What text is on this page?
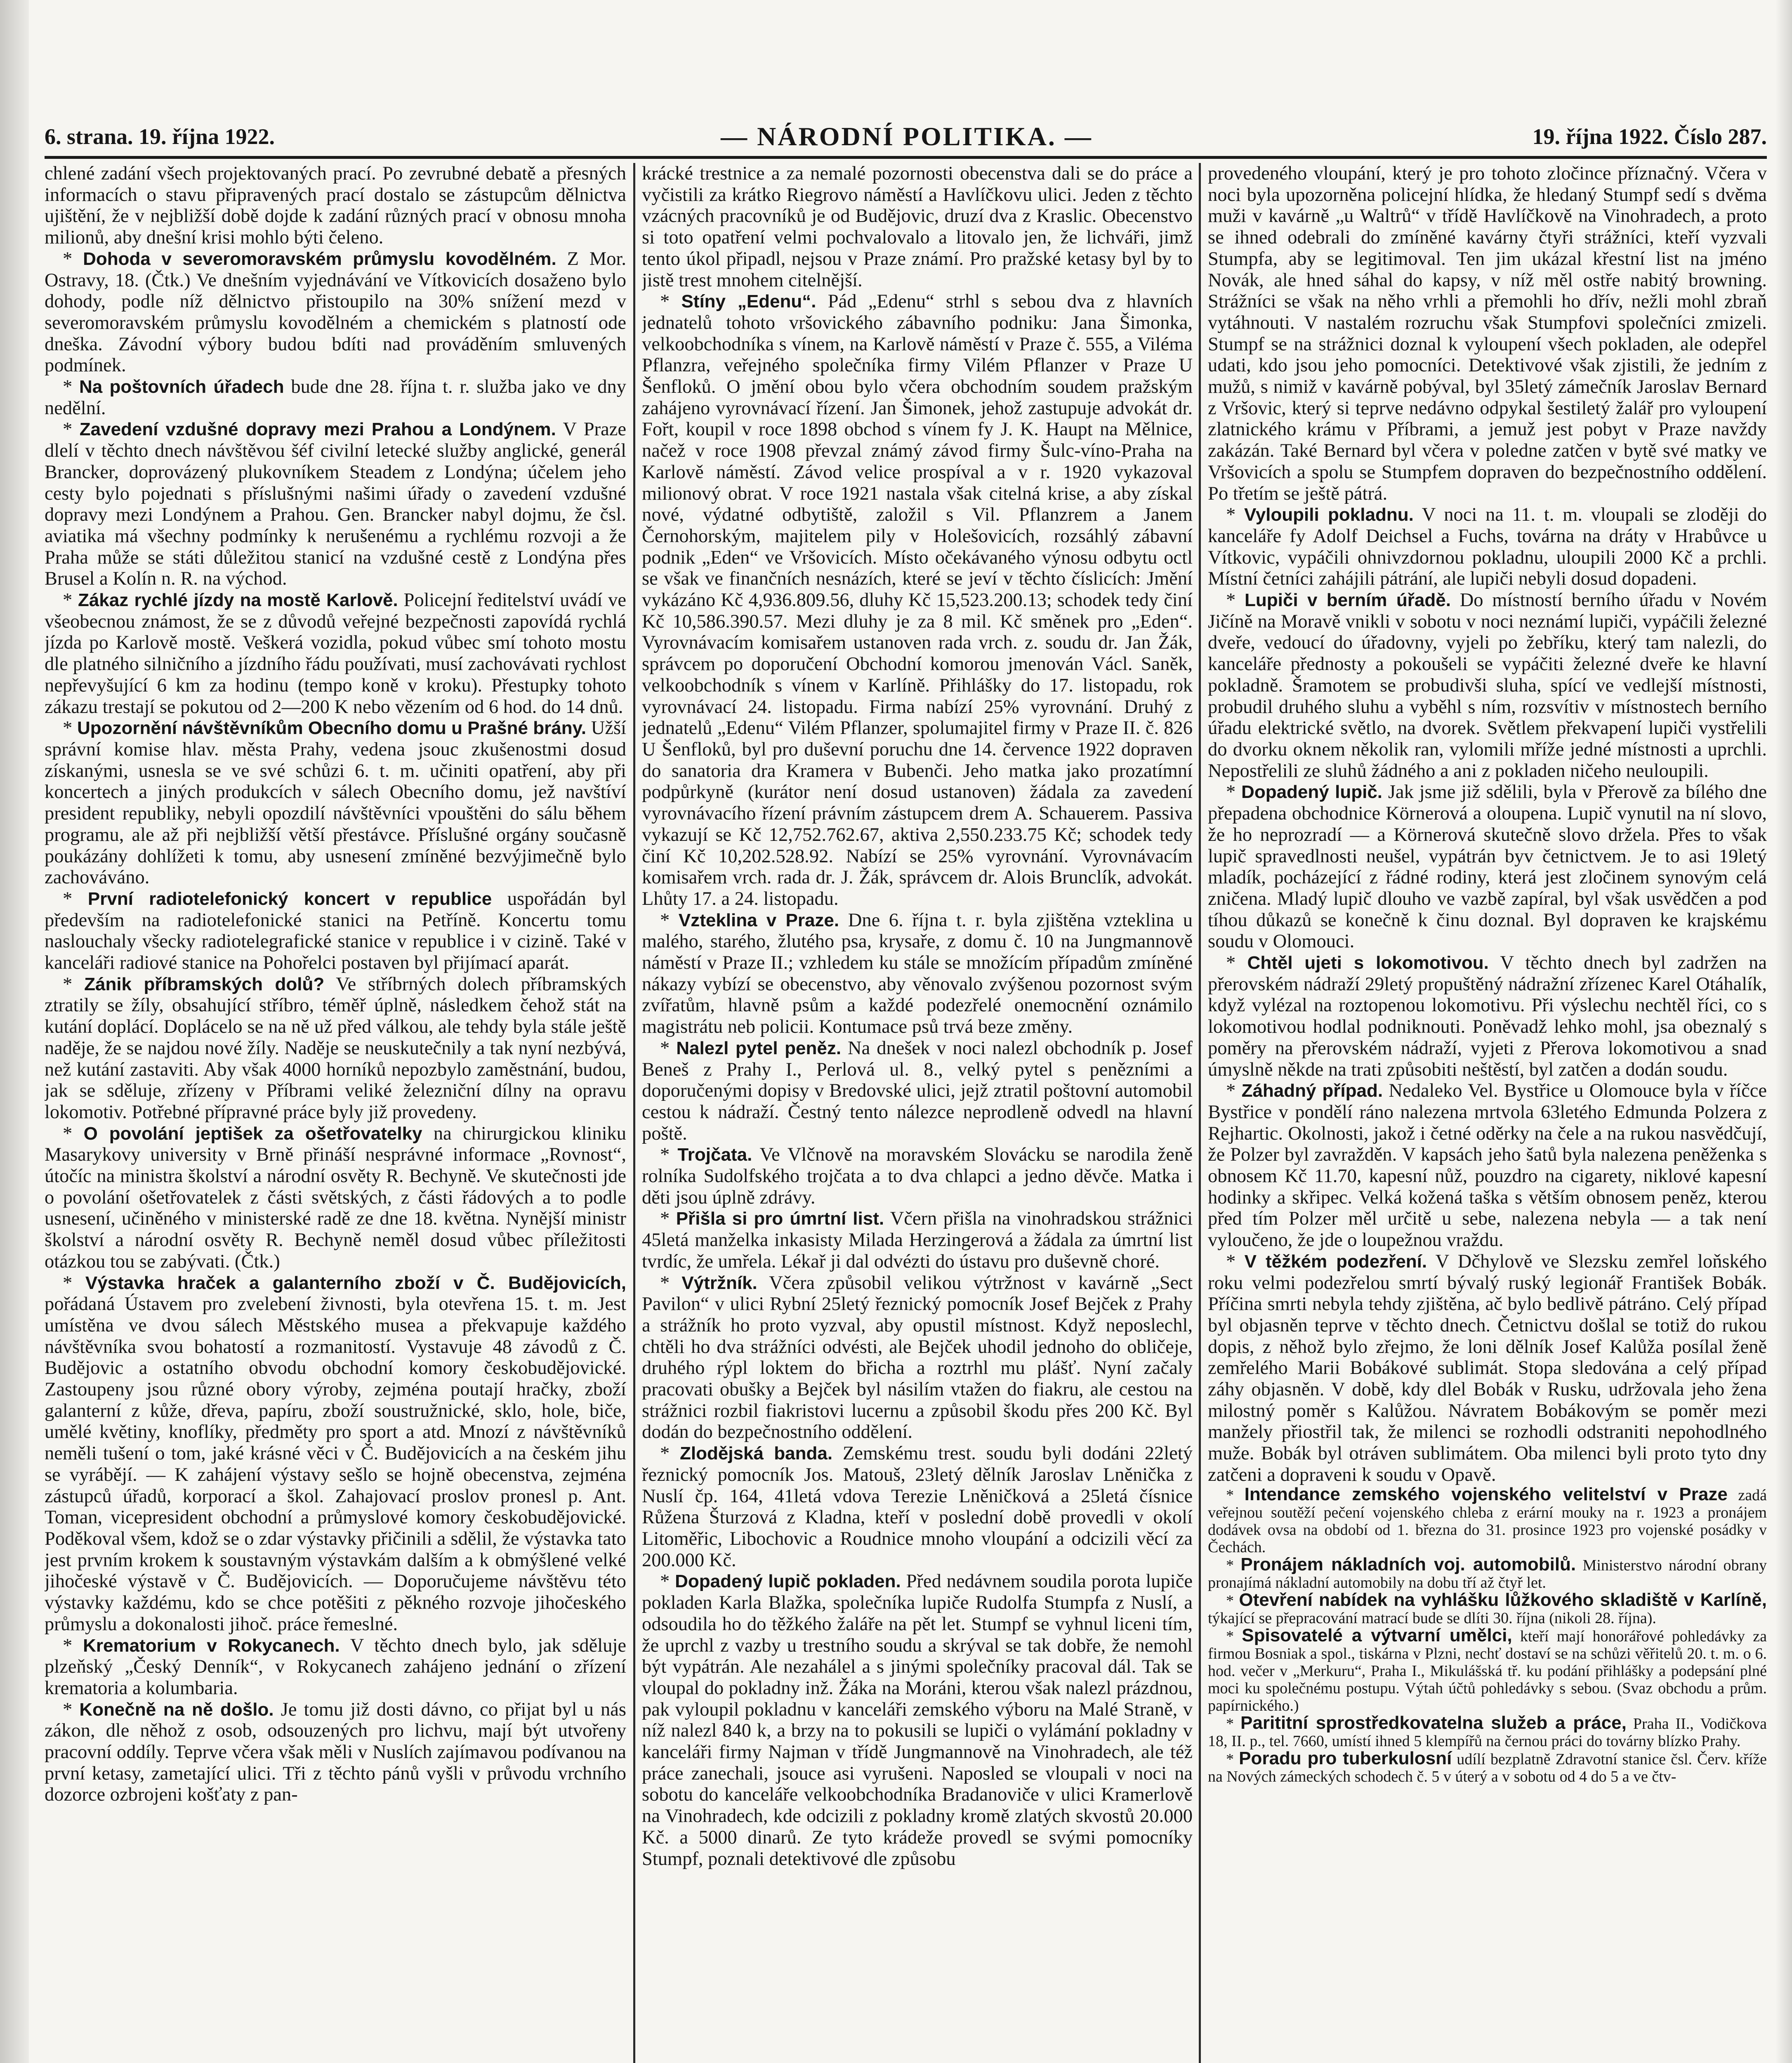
6. strana. 19. října 1922.	— NÁRODNÍ POLITIKA. —	19. října 1922. Číslo 287.

chlené zadání všech projektovaných prací. Po zevrubné debatě a přesných informacích o stavu připravených prací dostalo se zástupcům dělnictva ujištění, že v nejbližší době dojde k zadání různých prací v obnosu mnoha milionů, aby dnešní krisi mohlo býti čeleno.

* Dohoda v severomoravském průmyslu kovodělném. Z Mor. Ostravy, 18. (Čtk.) Ve dnešním vyjednávání ve Vítkovicích dosaženo bylo dohody, podle níž dělnictvo přistoupilo na 30% snížení mezd v severomoravském průmyslu kovodělném a chemickém s platností ode dneška. Závodní výbory budou bdíti nad prováděním smluvených podmínek.

* Na poštovních úřadech bude dne 28. října t. r. služba jako ve dny nedělní.

* Zavedení vzdušné dopravy mezi Prahou a Londýnem. V Praze dlelí v těchto dnech návštěvou šéf civilní letecké služby anglické, generál Brancker, doprovázený plukovníkem Steadem z Londýna; účelem jeho cesty bylo pojednati s příslušnými našimi úřady o zavedení vzdušné dopravy mezi Londýnem a Prahou. Gen. Brancker nabyl dojmu, že čsl. aviatika má všechny podmínky k nerušenému a rychlému rozvoji a že Praha může se státi důležitou stanicí na vzdušné cestě z Londýna přes Brusel a Kolín n. R. na východ.

* Zákaz rychlé jízdy na mostě Karlově. Policejní ředitelství uvádí ve všeobecnou známost, že se z důvodů veřejné bezpečnosti zapovídá rychlá jízda po Karlově mostě. Veškerá vozidla, pokud vůbec smí tohoto mostu dle platného silničního a jízdního řádu používati, musí zachovávati rychlost nepřevyšující 6 km za hodinu (tempo koně v kroku). Přestupky tohoto zákazu trestají se pokutou od 2—200 K nebo vězením od 6 hod. do 14 dnů.

* Upozornění návštěvníkům Obecního domu u Prašné brány. Užší správní komise hlav. města Prahy, vedena jsouc zkušenostmi dosud získanými, usnesla se ve své schůzi 6. t. m. učiniti opatření, aby při koncertech a jiných produkcích v sálech Obecního domu, jež navštíví president republiky, nebyli opozdilí návštěvníci vpouštěni do sálu během programu, ale až při nejbližší větší přestávce. Příslušné orgány současně poukázány dohlížeti k tomu, aby usnesení zmíněné bezvýjimečně bylo zachováváno.

* První radiotelefonický koncert v republice uspořádán byl především na radiotelefonické stanici na Petříně. Koncertu tomu naslouchaly všecky radiotelegrafické stanice v republice i v cizině. Také v kanceláři radiové stanice na Pohořelci postaven byl přijímací aparát.

* Zánik příbramských dolů? Ve stříbrných dolech příbramských ztratily se žíly, obsahující stříbro, téměř úplně, následkem čehož stát na kutání doplácí. Doplácelo se na ně už před válkou, ale tehdy byla stále ještě naděje, že se najdou nové žíly. Naděje se neuskutečnily a tak nyní nezbývá, než kutání zastaviti. Aby však 4000 horníků nepozbylo zaměstnání, budou, jak se sděluje, zřízeny v Příbrami veliké železniční dílny na opravu lokomotiv. Potřebné přípravné práce byly již provedeny.

* O povolání jeptišek za ošetřovatelky na chirurgickou kliniku Masarykovy university v Brně přináší nesprávné informace „Rovnost“, útočíc na ministra školství a národní osvěty R. Bechyně. Ve skutečnosti jde o povolání ošetřovatelek z části světských, z části řádových a to podle usnesení, učiněného v ministerské radě ze dne 18. května. Nynější ministr školství a národní osvěty R. Bechyně neměl dosud vůbec příležitosti otázkou tou se zabývati. (Čtk.)

* Výstavka hraček a galanterního zboží v Č. Budějovicích, pořádaná Ústavem pro zvelebení živnosti, byla otevřena 15. t. m. Jest umístěna ve dvou sálech Městského musea a překvapuje každého návštěvníka svou bohatostí a rozmanitostí. Vystavuje 48 závodů z Č. Budějovic a ostatního obvodu obchodní komory českobudějovické. Zastoupeny jsou různé obory výroby, zejména poutají hračky, zboží galanterní z kůže, dřeva, papíru, zboží soustružnické, sklo, hole, biče, umělé květiny, knoflíky, předměty pro sport a atd. Mnozí z návštěvníků neměli tušení o tom, jaké krásné věci v Č. Budějovicích a na českém jihu se vyrábějí. — K zahájení výstavy sešlo se hojně obecenstva, zejména zástupců úřadů, korporací a škol. Zahajovací proslov pronesl p. Ant. Toman, vicepresident obchodní a průmyslové komory českobudějovické. Poděkoval všem, kdož se o zdar výstavky přičinili a sdělil, že výstavka tato jest prvním krokem k soustavným výstavkám dalším a k obmýšlené velké jihočeské výstavě v Č. Budějovicích. — Doporučujeme návštěvu této výstavky každému, kdo se chce potěšiti z pěkného rozvoje jihočeského průmyslu a dokonalosti jihoč. práce řemeslné.

* Krematorium v Rokycanech. V těchto dnech bylo, jak sděluje plzeňský „Český Denník“, v Rokycanech zahájeno jednání o zřízení krematoria a kolumbaria.

* Konečně na ně došlo. Je tomu již dosti dávno, co přijat byl u nás zákon, dle něhož z osob, odsouzených pro lichvu, mají být utvořeny pracovní oddíly. Teprve včera však měli v Nuslích zajímavou podívanou na první ketasy, zametající ulici. Tři z těchto pánů vyšli v průvodu vrchního dozorce ozbrojeni košťaty z pan-

krácké trestnice a za nemalé pozornosti obecenstva dali se do práce a vyčistili za krátko Riegrovo náměstí a Havlíčkovu ulici. Jeden z těchto vzácných pracovníků je od Budějovic, druzí dva z Kraslic. Obecenstvo si toto opatření velmi pochvalovalo a litovalo jen, že lichváři, jimž tento úkol připadl, nejsou v Praze známí. Pro pražské ketasy byl by to jistě trest mnohem citelnější.

* Stíny „Edenu“. Pád „Edenu“ strhl s sebou dva z hlavních jednatelů tohoto vršovického zábavního podniku: Jana Šimonka, velkoobchodníka s vínem, na Karlově náměstí v Praze č. 555, a Viléma Pflanzra, veřejného společníka firmy Vilém Pflanzer v Praze U Šenfloků. O jmění obou bylo včera obchodním soudem pražským zahájeno vyrovnávací řízení. Jan Šimonek, jehož zastupuje advokát dr. Fořt, koupil v roce 1898 obchod s vínem fy J. K. Haupt na Mělnice, načež v roce 1908 převzal známý závod firmy Šulc-víno-Praha na Karlově náměstí. Závod velice prospíval a v r. 1920 vykazoval milionový obrat. V roce 1921 nastala však citelná krise, a aby získal nové, výdatné odbytiště, založil s Vil. Pflanzrem a Janem Černohorským, majitelem pily v Holešovicích, rozsáhlý zábavní podnik „Eden“ ve Vršovicích. Místo očekávaného výnosu odbytu octl se však ve finančních nesnázích, které se jeví v těchto číslicích: Jmění vykázáno Kč 4,936.809.56, dluhy Kč 15,523.200.13; schodek tedy činí Kč 10,586.390.57. Mezi dluhy je za 8 mil. Kč směnek pro „Eden“. Vyrovnávacím komisařem ustanoven rada vrch. z. soudu dr. Jan Žák, správcem po doporučení Obchodní komorou jmenován Václ. Saněk, velkoobchodník s vínem v Karlíně. Přihlášky do 17. listopadu, rok vyrovnávací 24. listopadu. Firma nabízí 25% vyrovnání. Druhý z jednatelů „Edenu“ Vilém Pflanzer, spolumajitel firmy v Praze II. č. 826 U Šenfloků, byl pro duševní poruchu dne 14. července 1922 dopraven do sanatoria dra Kramera v Bubenči. Jeho matka jako prozatímní podpůrkyně (kurátor není dosud ustanoven) žádala za zavedení vyrovnávacího řízení právním zástupcem drem A. Schauerem. Passiva vykazují se Kč 12,752.762.67, aktiva 2,550.233.75 Kč; schodek tedy činí Kč 10,202.528.92. Nabízí se 25% vyrovnání. Vyrovnávacím komisařem vrch. rada dr. J. Žák, správcem dr. Alois Brunclík, advokát. Lhůty 17. a 24. listopadu.

* Vzteklina v Praze. Dne 6. října t. r. byla zjištěna vzteklina u malého, starého, žlutého psa, krysaře, z domu č. 10 na Jungmannově náměstí v Praze II.; vzhledem ku stále se množícím případům zmíněné nákazy vybízí se obecenstvo, aby věnovalo zvýšenou pozornost svým zvířatům, hlavně psům a každé podezřelé onemocnění oznámilo magistrátu neb policii. Kontumace psů trvá beze změny.

* Nalezl pytel peněz. Na dnešek v noci nalezl obchodník p. Josef Beneš z Prahy I., Perlová ul. 8., velký pytel s penězními a doporučenými dopisy v Bredovské ulici, jejž ztratil poštovní automobil cestou k nádraží. Čestný tento nálezce neprodleně odvedl na hlavní poště.

* Trojčata. Ve Vlčnově na moravském Slovácku se narodila ženě rolníka Sudolfského trojčata a to dva chlapci a jedno děvče. Matka i děti jsou úplně zdrávy.

* Přišla si pro úmrtní list. Včern přišla na vinohradskou strážnici 45letá manželka inkasisty Milada Herzingerová a žádala za úmrtní list tvrdíc, že umřela. Lékař ji dal odvézti do ústavu pro duševně choré.

* Výtržník. Včera způsobil velikou výtržnost v kavárně „Sect Pavilon“ v ulici Rybní 25letý řeznický pomocník Josef Bejček z Prahy a strážník ho proto vyzval, aby opustil místnost. Když neposlechl, chtěli ho dva strážníci odvésti, ale Bejček uhodil jednoho do obličeje, druhého rýpl loktem do břicha a roztrhl mu plášť. Nyní začaly pracovati obušky a Bejček byl násilím vtažen do fiakru, ale cestou na strážnici rozbil fiakristovi lucernu a způsobil škodu přes 200 Kč. Byl dodán do bezpečnostního oddělení.

* Zlodějská banda. Zemskému trest. soudu byli dodáni 22letý řeznický pomocník Jos. Matouš, 23letý dělník Jaroslav Lněnička z Nuslí čp. 164, 41letá vdova Terezie Lněničková a 25letá čísnice Růžena Šturzová z Kladna, kteří v poslední době provedli v okolí Litoměřic, Libochovic a Roudnice mnoho vloupání a odcizili věcí za 200.000 Kč.

* Dopadený lupič pokladen. Před nedávnem soudila porota lupiče pokladen Karla Blažka, společníka lupiče Rudolfa Stumpfa z Nuslí, a odsoudila ho do těžkého žaláře na pět let. Stumpf se vyhnul liceni tím, že uprchl z vazby u trestního soudu a skrýval se tak dobře, že nemohl být vypátrán. Ale nezahálel a s jinými společníky pracoval dál. Tak se vloupal do pokladny inž. Žáka na Moráni, kterou však nalezl prázdnou, pak vyloupil pokladnu v kanceláři zemského výboru na Malé Straně, v níž nalezl 840 k, a brzy na to pokusili se lupiči o vylámání pokladny v kanceláři firmy Najman v třídě Jungmannově na Vinohradech, ale též práce zanechali, jsouce asi vyrušeni. Naposled se vloupali v noci na sobotu do kanceláře velkoobchodníka Bradanoviče v ulici Kramerlově na Vinohradech, kde odcizili z pokladny kromě zlatých skvostů 20.000 Kč. a 5000 dinarů. Ze tyto krádeže provedl se svými pomocníky Stumpf, poznali detektivové dle způsobu

provedeného vloupání, který je pro tohoto zločince příznačný. Včera v noci byla upozorněna policejní hlídka, že hledaný Stumpf sedí s dvěma muži v kavárně „u Waltrů“ v třídě Havlíčkově na Vinohradech, a proto se ihned odebrali do zmíněné kavárny čtyři strážníci, kteří vyzvali Stumpfa, aby se legitimoval. Ten jim ukázal křestní list na jméno Novák, ale hned sáhal do kapsy, v níž měl ostře nabitý browning. Strážníci se však na něho vrhli a přemohli ho dřív, nežli mohl zbraň vytáhnouti. V nastalém rozruchu však Stumpfovi společníci zmizeli. Stumpf se na strážnici doznal k vyloupení všech pokladen, ale odepřel udati, kdo jsou jeho pomocníci. Detektivové však zjistili, že jedním z mužů, s nimiž v kavárně pobýval, byl 35letý zámečník Jaroslav Bernard z Vršovic, který si teprve nedávno odpykal šestiletý žalář pro vyloupení zlatnického krámu v Příbrami, a jemuž jest pobyt v Praze navždy zakázán. Také Bernard byl včera v poledne zatčen v bytě své matky ve Vršovicích a spolu se Stumpfem dopraven do bezpečnostního oddělení. Po třetím se ještě pátrá.

* Vyloupili pokladnu. V noci na 11. t. m. vloupali se zloději do kanceláře fy Adolf Deichsel a Fuchs, továrna na dráty v Hrabůvce u Vítkovic, vypáčili ohnivzdornou pokladnu, uloupili 2000 Kč a prchli. Místní četníci zahájili pátrání, ale lupiči nebyli dosud dopadeni.

* Lupiči v berním úřadě. Do místností berního úřadu v Novém Jičíně na Moravě vnikli v sobotu v noci neznámí lupiči, vypáčili železné dveře, vedoucí do úřadovny, vyjeli po žebříku, který tam nalezli, do kanceláře přednosty a pokoušeli se vypáčiti železné dveře ke hlavní pokladně. Šramotem se probudivši sluha, spící ve vedlejší místnosti, probudil druhého sluhu a vyběhl s ním, rozsvítiv v místnostech berního úřadu elektrické světlo, na dvorek. Světlem překvapení lupiči vystřelili do dvorku oknem několik ran, vylomili mříže jedné místnosti a uprchli. Nepostřelili ze sluhů žádného a ani z pokladen ničeho neuloupili.

* Dopadený lupič. Jak jsme již sdělili, byla v Přerově za bílého dne přepadena obchodnice Körnerová a oloupena. Lupič vynutil na ní slovo, že ho neprozradí — a Körnerová skutečně slovo držela. Přes to však lupič spravedlnosti neušel, vypátrán byv četnictvem. Je to asi 19letý mladík, pocházející z řádné rodiny, která jest zločinem synovým celá zničena. Mladý lupič dlouho ve vazbě zapíral, byl však usvědčen a pod tíhou důkazů se konečně k činu doznal. Byl dopraven ke krajskému soudu v Olomouci.

* Chtěl ujeti s lokomotivou. V těchto dnech byl zadržen na přerovském nádraží 29letý propuštěný nádražní zřízenec Karel Otáhalík, když vylézal na roztopenou lokomotivu. Při výslechu nechtěl říci, co s lokomotivou hodlal podniknouti. Poněvadž lehko mohl, jsa obeznalý s poměry na přerovském nádraží, vyjeti z Přerova lokomotivou a snad úmyslně někde na trati způsobiti neštěstí, byl zatčen a dodán soudu.

* Záhadný případ. Nedaleko Vel. Bystřice u Olomouce byla v říčce Bystřice v pondělí ráno nalezena mrtvola 63letého Edmunda Polzera z Rejhartic. Okolnosti, jakož i četné oděrky na čele a na rukou nasvědčují, že Polzer byl zavražděn. V kapsách jeho šatů byla nalezena peněženka s obnosem Kč 11.70, kapesní nůž, pouzdro na cigarety, niklové kapesní hodinky a skřipec. Velká kožená taška s větším obnosem peněz, kterou před tím Polzer měl určitě u sebe, nalezena nebyla — a tak není vyloučeno, že jde o loupežnou vraždu.

* V těžkém podezření. V Dčhylově ve Slezsku zemřel loňského roku velmi podezřelou smrtí bývalý ruský legionář František Bobák. Příčina smrti nebyla tehdy zjištěna, ač bylo bedlivě pátráno. Celý případ byl objasněn teprve v těchto dnech. Četnictvu došlal se totiž do rukou dopis, z něhož bylo zřejmo, že loni dělník Josef Kalůža posílal ženě zemřelého Marii Bobákové sublimát. Stopa sledována a celý případ záhy objasněn. V době, kdy dlel Bobák v Rusku, udržovala jeho žena milostný poměr s Kalůžou. Návratem Bobákovým se poměr mezi manžely přiostřil tak, že milenci se rozhodli odstraniti nepohodlného muže. Bobák byl otráven sublimátem. Oba milenci byli proto tyto dny zatčeni a dopraveni k soudu v Opavě.

* Intendance zemského vojenského velitelství v Praze zadá veřejnou soutěží pečení vojenského chleba z erární mouky na r. 1923 a pronájem dodávek ovsa na období od 1. března do 31. prosince 1923 pro vojenské posádky v Čechách.

* Pronájem nákladních voj. automobilů. Ministerstvo národní obrany pronajímá nákladní automobily na dobu tří až čtyř let.

* Otevření nabídek na vyhlášku lůžkového skladiště v Karlíně, týkající se přepracování matrací bude se dlíti 30. října (nikoli 28. října).

* Spisovatelé a výtvarní umělci, kteří mají honorářové pohledávky za firmou Bosniak a spol., tiskárna v Plzni, nechť dostaví se na schůzi věřitelů 20. t. m. o 6. hod. večer v „Merkuru“, Praha I., Mikulášská tř. ku podání přihlášky a podepsání plné moci ku společnému postupu. Výtah účtů pohledávky s sebou. (Svaz obchodu a prům. papírnického.)

* Parititní sprostředkovatelna služeb a práce, Praha II., Vodičkova 18, II. p., tel. 7660, umístí ihned 5 klempířů na černou práci do továrny blízko Prahy.

* Poradu pro tuberkulosní udílí bezplatně Zdravotní stanice čsl. Červ. kříže na Nových zámeckých schodech č. 5 v úterý a v sobotu od 4 do 5 a ve čtv-
